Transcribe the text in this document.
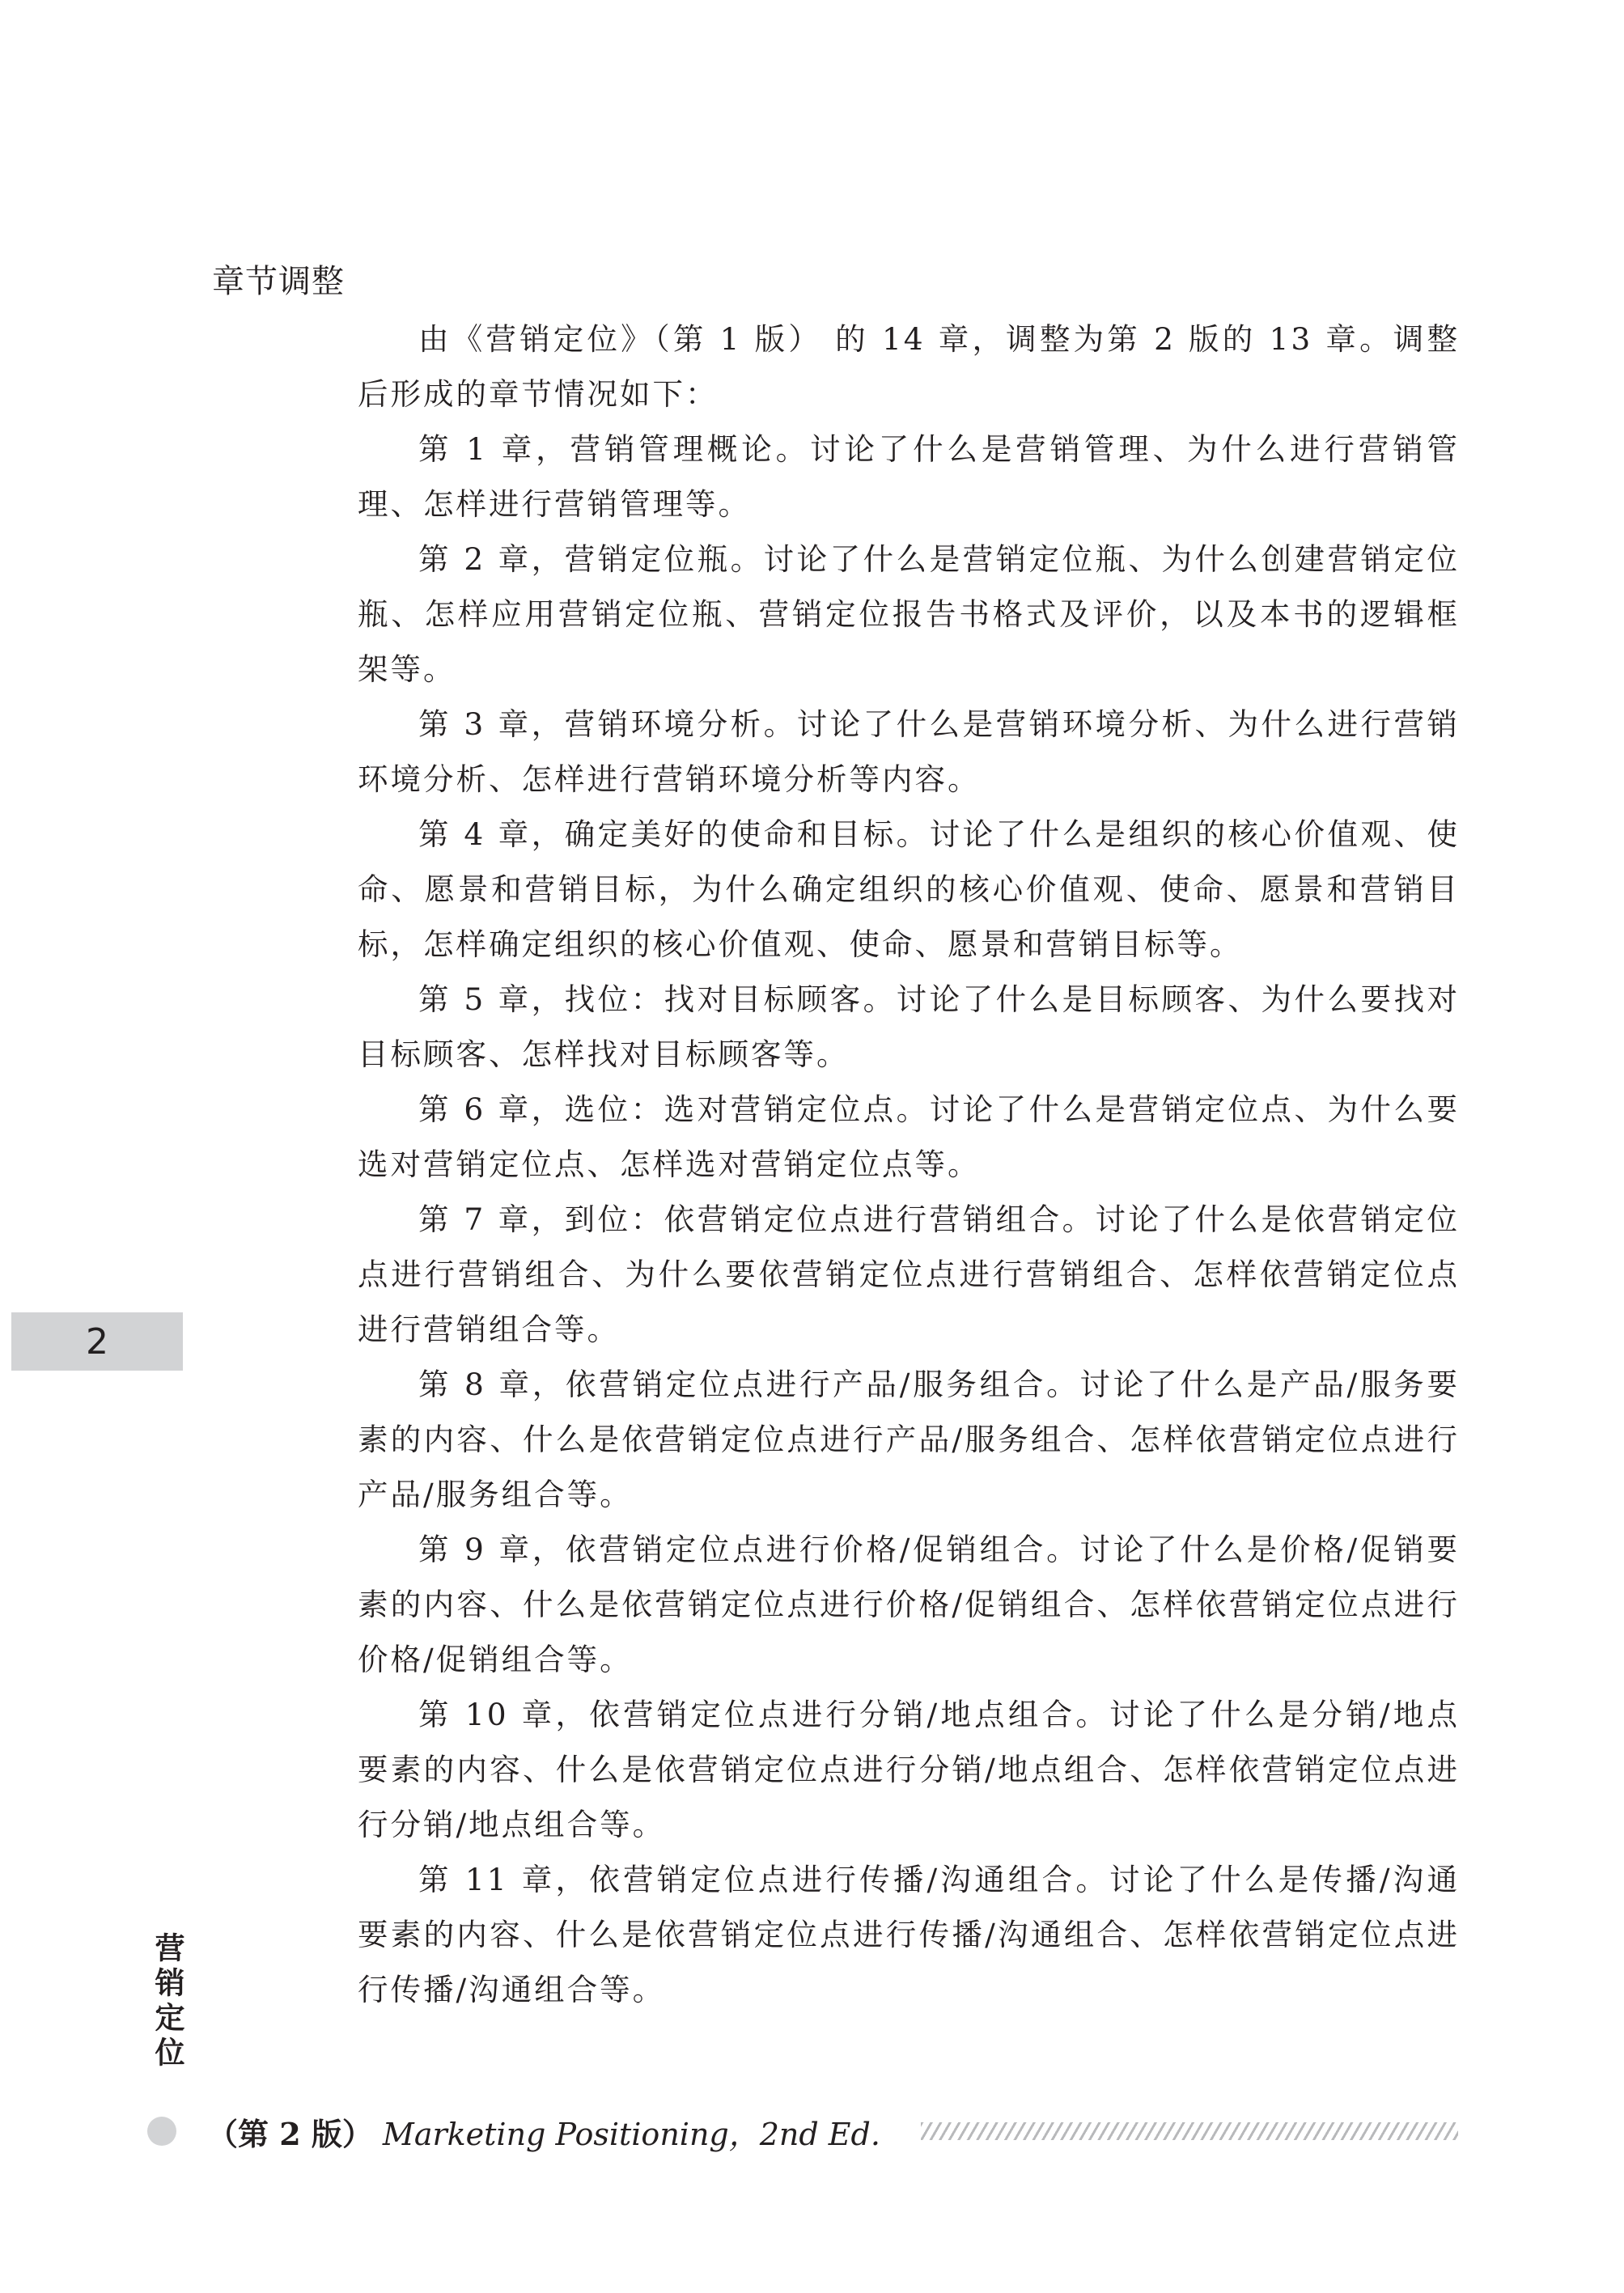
章节调整

由《营销定位》（第 1 版） 的 14 章，调整为第 2 版的 13 章。调整后形成的章节情况如下：

第 1 章，营销管理概论。讨论了什么是营销管理、为什么进行营销管理、怎样进行营销管理等。

第 2 章，营销定位瓶。讨论了什么是营销定位瓶、为什么创建营销定位瓶、怎样应用营销定位瓶、营销定位报告书格式及评价，以及本书的逻辑框架等。

第 3 章，营销环境分析。讨论了什么是营销环境分析、为什么进行营销环境分析、怎样进行营销环境分析等内容。

第 4 章，确定美好的使命和目标。讨论了什么是组织的核心价值观、使命、愿景和营销目标，为什么确定组织的核心价值观、使命、愿景和营销目标，怎样确定组织的核心价值观、使命、愿景和营销目标等。

第 5 章，找位：找对目标顾客。讨论了什么是目标顾客、为什么要找对目标顾客、怎样找对目标顾客等。

第 6 章，选位：选对营销定位点。讨论了什么是营销定位点、为什么要选对营销定位点、怎样选对营销定位点等。

第 7 章，到位：依营销定位点进行营销组合。讨论了什么是依营销定位点进行营销组合、为什么要依营销定位点进行营销组合、怎样依营销定位点进行营销组合等。

第 8 章，依营销定位点进行产品/服务组合。讨论了什么是产品/服务要素的内容、什么是依营销定位点进行产品/服务组合、怎样依营销定位点进行产品/服务组合等。

第 9 章，依营销定位点进行价格/促销组合。讨论了什么是价格/促销要素的内容、什么是依营销定位点进行价格/促销组合、怎样依营销定位点进行价格/促销组合等。

第 10 章，依营销定位点进行分销/地点组合。讨论了什么是分销/地点要素的内容、什么是依营销定位点进行分销/地点组合、怎样依营销定位点进行分销/地点组合等。

第 11 章，依营销定位点进行传播/沟通组合。讨论了什么是传播/沟通要素的内容、什么是依营销定位点进行传播/沟通组合、怎样依营销定位点进行传播/沟通组合等。

2
营销定位
（第 2 版） Marketing Positioning，2nd Ed.
